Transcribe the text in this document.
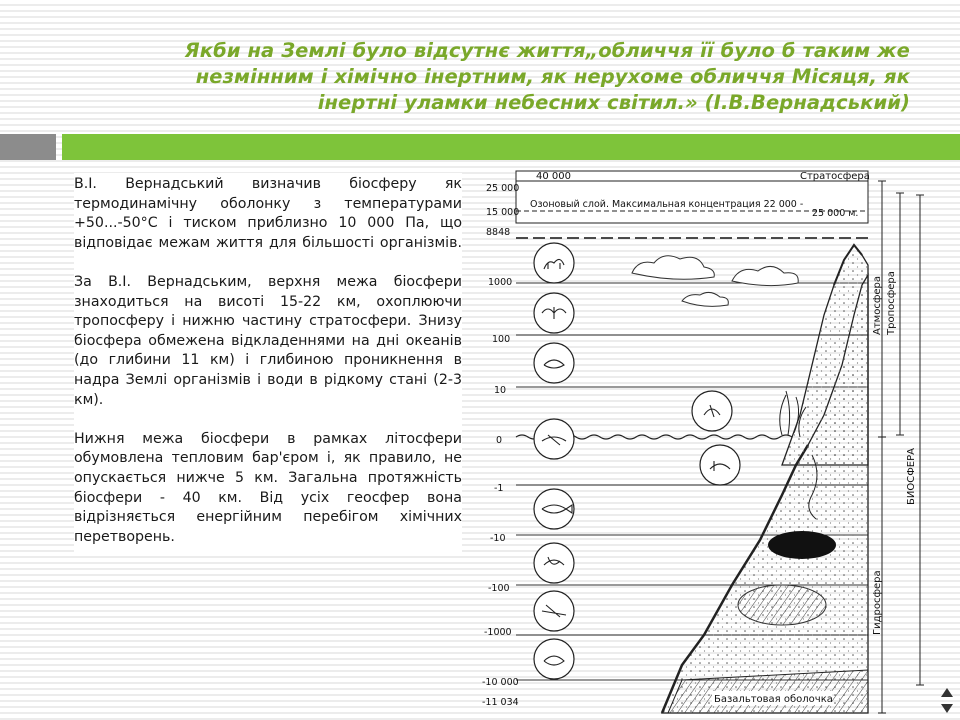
Якби на Землі було відсутнє життя„обличчя її було б таким же
незмінним і хімічно інертним, як нерухоме обличчя Місяця, як
інертні уламки небесних світил.» (І.В.Вернадський)

В.І. Вернадський визначив біосферу як термодинамічну оболонку з температурами +50...-50°С і тиском приблизно 10 000 Па, що відповідає межам життя для більшості організмів.

За В.І. Вернадським, верхня межа біосфери знаходиться на висоті 15-22 км, охоплюючи тропосферу і нижню частину стратосфери. Знизу біосфера обмежена відкладеннями на дні океанів (до глибини 11 км) і глибиною проникнення в надра Землі організмів і води в рідкому стані (2-3 км).

Нижня межа біосфери в рамках літосфери обумовлена тепловим бар'єром і, як правило, не опускається нижче 5 км. Загальна протяжність біосфери - 40 км. Від усіх геосфер вона відрізняється енергійним перебігом хімічних перетворень.

Базальтовая оболочка
40 000	Стратосфера
Озоновый слой. Максимальная концентрация 22 000 -
25 000 м.
25 000
15 000
8848
1000
100
10
0
-1
-10
-100
-1000
-10 000
-11 034
Тропосфера
Атмосфера
БИОСФЕРА
Гидросфера
